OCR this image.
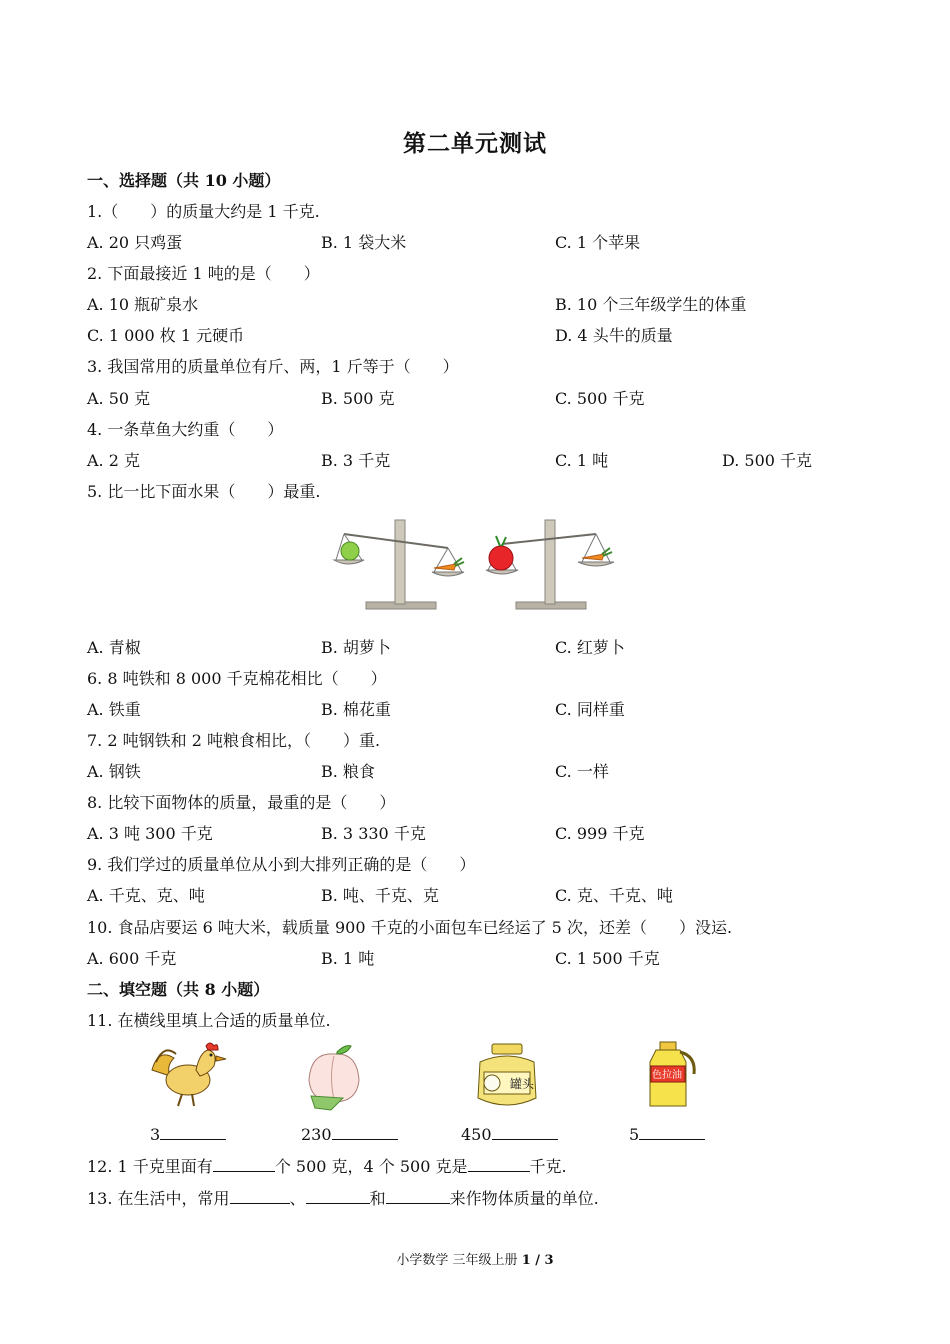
第二单元测试
一、选择题（共 10 小题）
1.（　　）的质量大约是 1 千克.
A. 20 只鸡蛋	B. 1 袋大米	C. 1 个苹果
2. 下面最接近 1 吨的是（　　）
A. 10 瓶矿泉水	B. 10 个三年级学生的体重
C. 1 000 枚 1 元硬币	D. 4 头牛的质量
3. 我国常用的质量单位有斤、两，1 斤等于（　　）
A. 50 克	B. 500 克	C. 500 千克
4. 一条草鱼大约重（　　）
A. 2 克	B. 3 千克	C. 1 吨	D. 500 千克
5. 比一比下面水果（　　）最重.
A. 青椒	B. 胡萝卜	C. 红萝卜
6. 8 吨铁和 8 000 千克棉花相比（　　）
A. 铁重	B. 棉花重	C. 同样重
7. 2 吨钢铁和 2 吨粮食相比，（　　）重.
A. 钢铁	B. 粮食	C. 一样
8. 比较下面物体的质量，最重的是（　　）
A. 3 吨 300 千克	B. 3 330 千克	C. 999 千克
9. 我们学过的质量单位从小到大排列正确的是（　　）
A. 千克、克、吨	B. 吨、千克、克	C. 克、千克、吨
10. 食品店要运 6 吨大米，载质量 900 千克的小面包车已经运了 5 次，还差（　　）没运.
A. 600 千克	B. 1 吨	C. 1 500 千克
二、填空题（共 8 小题）
11. 在横线里填上合适的质量单位.
罐头
色拉油
3	230	450	5
12. 1 千克里面有	个 500 克，4 个 500 克是	千克.
13. 在生活中，常用	、	和	来作物体质量的单位.
小学数学 三年级上册 1 / 3
